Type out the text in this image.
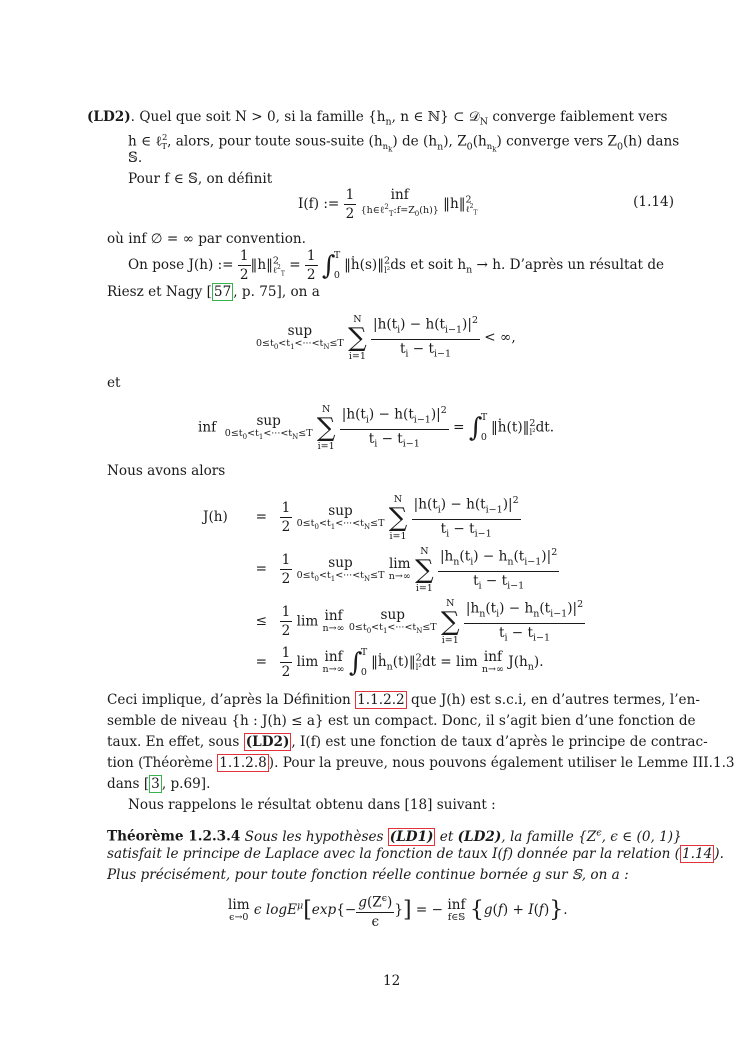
(LD2). Quel que soit N > 0, si la famille {$h_n$, n ∈ ℕ} ⊂ 𝒟$_N$ converge faiblement vers
h ∈ ℓ$^2_T$, alors, pour toute sous-suite $(h_{n_k})$ de $(h_n)$, $Z_0(h_{n_k})$ converge vers $Z_0(h)$ dans
𝕊.
Pour f ∈ 𝕊, on définit
I(f) := $\frac{1}{2}$
	inf
$\{h\in\ell^2_T:f=Z_0(h)\}$ ‖h‖$^2_{\ell^2_T}$
(1.14)
où inf ∅ = ∞ par convention.
On pose J(h) := $\frac{1}{2}$ ‖h‖$^2_{\ell^2_T}$ = $\frac{1}{2}$ ∫
T
0
‖ḣ(s)‖$^2_{l^2}$ds et soit $h_n \to h$. D’après un résultat de
Riesz et Nagy [ 57 , p. 75], on a
sup
$0\le t_0<t_1<\cdot\cdot\cdot<t_N\le T$

N
∑
i=1
$\frac{|h(t_i) - h(t_{i-1})|^2}{t_i - t_{i-1}}$ < ∞,
et
inf sup
$0\le t_0<t_1<\cdot\cdot\cdot<t_N\le T$

N
∑
i=1
$\frac{|h(t_i) - h(t_{i-1})|^2}{t_i - t_{i-1}}$ = ∫
T
0
‖ḣ(t)‖$^2_{l^2}$dt.
Nous avons alors
$J(h) = \frac{1}{2}$
	sup
$0\le t_0<t_1<\cdot\cdot\cdot<t_N\le T$

N
∑
i=1
$\frac{|h(t_i) - h(t_{i-1})|^2}{t_i - t_{i-1}}$
= $\frac{1}{2}$
	sup
$0\le t_0<t_1<\cdot\cdot\cdot<t_N\le T$

lim
n→∞

N
∑
i=1
$\frac{|h_n(t_i) - h_n(t_{i-1})|^2}{t_i - t_{i-1}}$
≤ $\frac{1}{2}$ lim inf
n→∞

sup
$0\le t_0<t_1<\cdot\cdot\cdot<t_N\le T$

N
∑
i=1
$\frac{|h_n(t_i) - h_n(t_{i-1})|^2}{t_i - t_{i-1}}$
= $\frac{1}{2}$ lim inf
n→∞ ∫
T
0
‖ḣ$_n$(t)‖$^2_{l^2}$dt = lim inf
n→∞ $J(h_n)$.
Ceci implique, d’après la Définition 1.1.2.2 que J(h) est s.c.i, en d’autres termes, l’en-
semble de niveau {h : J(h) ≤ a} est un compact. Donc, il s’agit bien d’une fonction de
taux. En effet, sous (LD2) , I(f) est une fonction de taux d’après le principe de contrac-
tion (Théorème 1.1.2.8 ). Pour la preuve, nous pouvons également utiliser le Lemme III.1.3
dans [ 3 , p.69].
Nous rappelons le résultat obtenu dans [18] suivant :
Théorème 1.2.3.4 Sous les hypothèses (LD1) et (LD2), la famille {$Z^\epsilon$, ϵ ∈ (0, 1)}
satisfait le principe de Laplace avec la fonction de taux I(f) donnée par la relation ( 1.14 ).
Plus précisément, pour toute fonction réelle continue bornée g sur 𝕊, on a :
lim
ϵ→0 ϵ $\log E^\mu[\exp\{- \frac{g(Z^\epsilon)}{\epsilon}$ }] = − inf
f∈𝕊 {g(f) + I(f)}.
12
